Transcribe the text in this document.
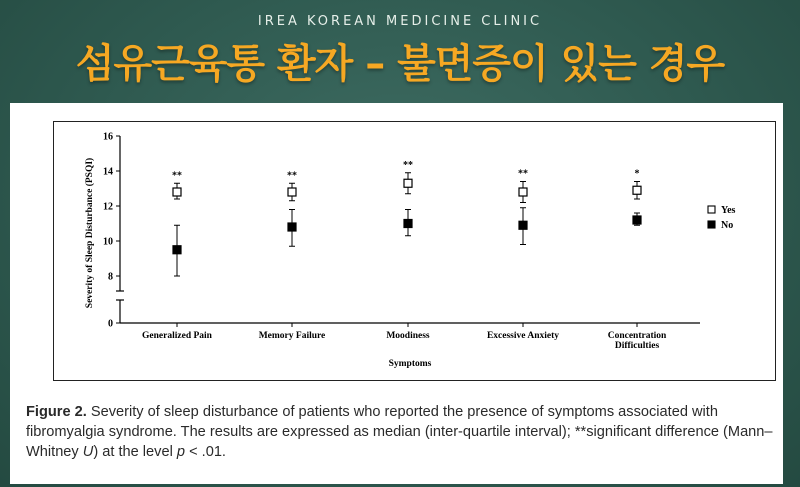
IREA KOREAN MEDICINE CLINIC
섬유근육통 환자 – 불면증이 있는 경우
0
8
10
12
14
16
Severity of Sleep Disturbance (PSQI)
Generalized Pain	Memory Failure	Moodiness	Excessive Anxiety	Concentration
Difficulties
Symptoms
**	**
**
**	*
Yes
No
Figure 2. Severity of sleep disturbance of patients who reported the presence of symptoms associated with fibromyalgia syndrome. The results are expressed as median (inter-quartile interval); **significant difference (Mann–Whitney U) at the level p < .01.
